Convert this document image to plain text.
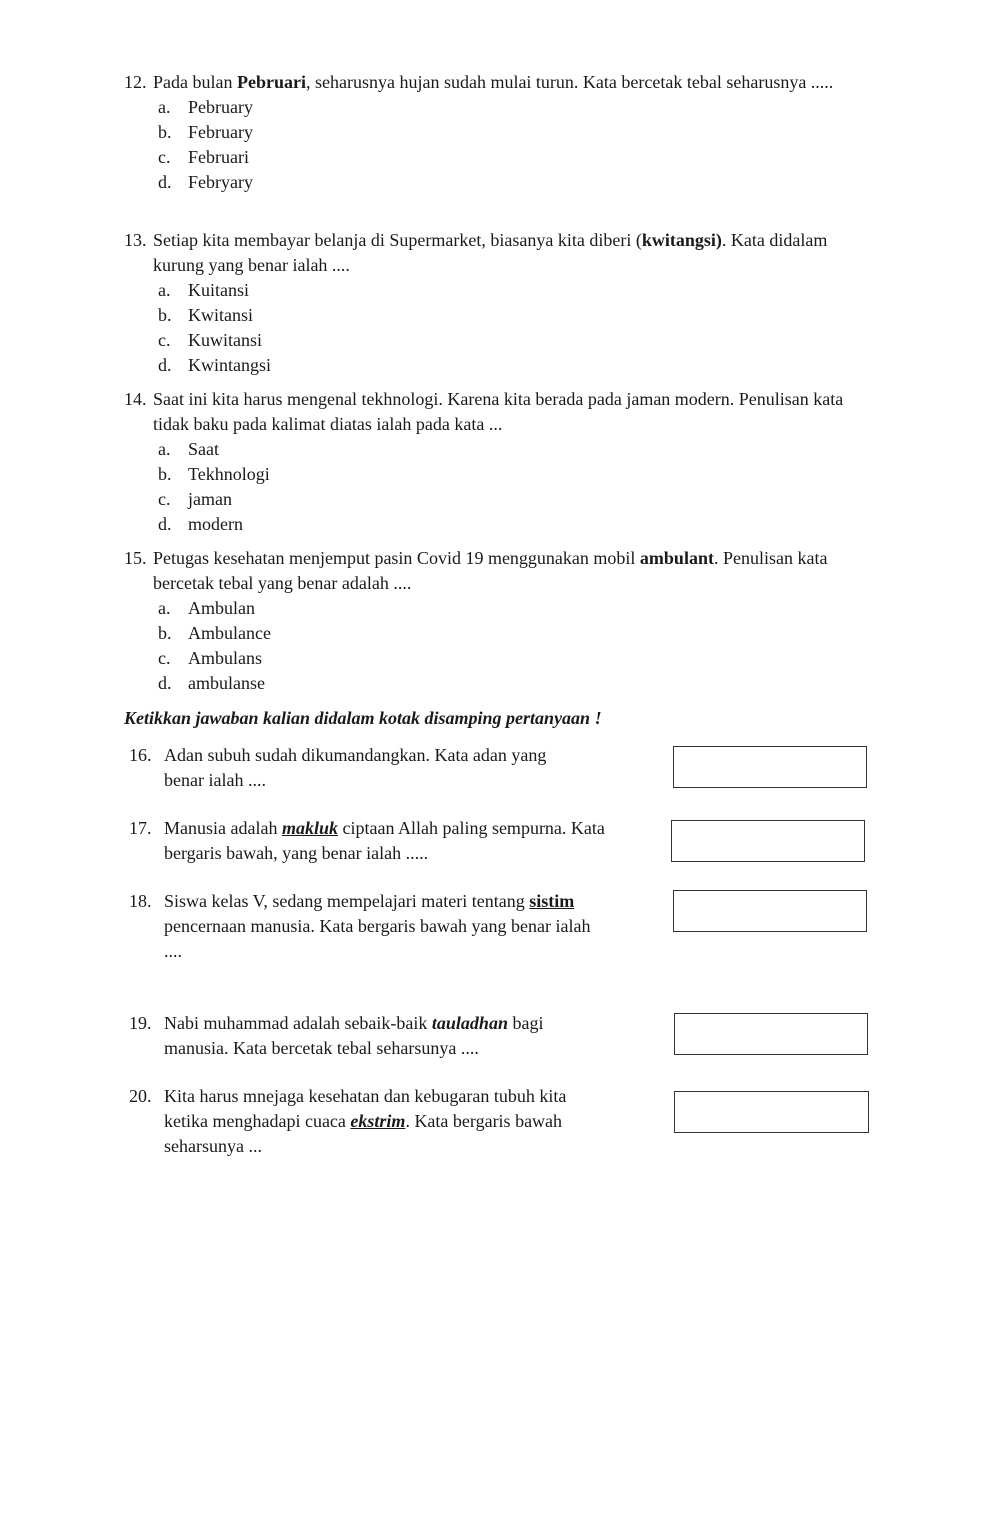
12. Pada bulan Pebruari, seharusnya hujan sudah mulai turun. Kata bercetak tebal seharusnya .....
a. Pebruary
b. February
c. Februari
d. Febryary
13. Setiap kita membayar belanja di Supermarket, biasanya kita diberi (kwitangsi). Kata didalam kurung yang benar ialah ....
a. Kuitansi
b. Kwitansi
c. Kuwitansi
d. Kwintangsi
14. Saat ini kita harus mengenal tekhnologi. Karena kita berada pada jaman modern. Penulisan kata tidak baku pada kalimat diatas ialah pada kata ...
a. Saat
b. Tekhnologi
c. jaman
d. modern
15. Petugas kesehatan menjemput pasin Covid 19 menggunakan mobil ambulant. Penulisan kata bercetak tebal yang benar adalah ....
a. Ambulan
b. Ambulance
c. Ambulans
d. ambulanse
Ketikkan jawaban kalian didalam kotak disamping pertanyaan !
16. Adan subuh sudah dikumandangkan. Kata adan yang benar ialah ....
17. Manusia adalah makluk ciptaan Allah paling sempurna. Kata bergaris bawah, yang benar ialah .....
18. Siswa kelas V, sedang mempelajari materi tentang sistim pencernaan manusia. Kata bergaris bawah yang benar ialah ....
19. Nabi muhammad adalah sebaik-baik tauladhan bagi manusia. Kata bercetak tebal seharsunya ....
20. Kita harus mnejaga kesehatan dan kebugaran tubuh kita ketika menghadapi cuaca ekstrim. Kata bergaris bawah seharsunya ...
